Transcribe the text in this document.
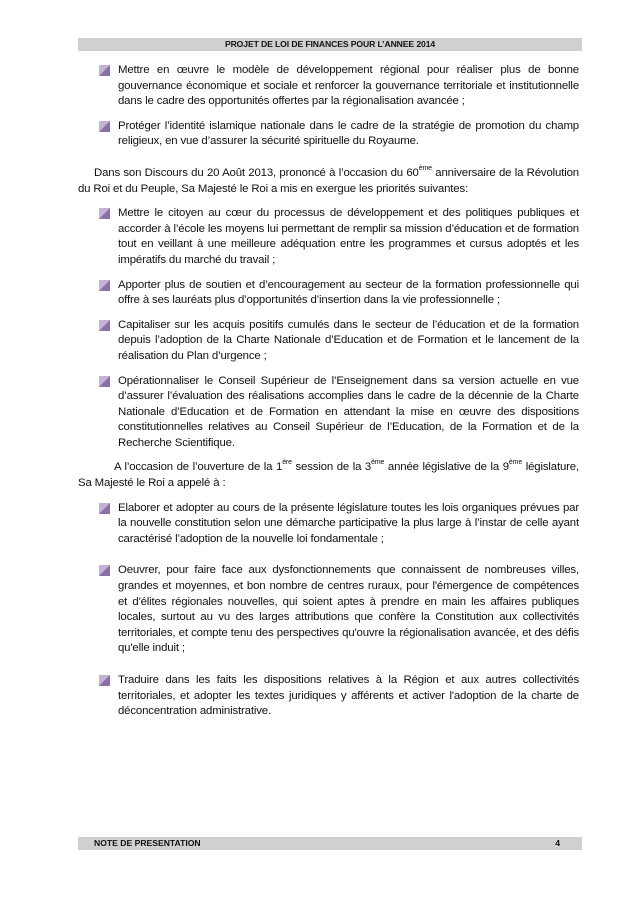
PROJET DE LOI DE FINANCES POUR L’ANNEE 2014
Mettre en œuvre le modèle de développement régional pour réaliser plus de bonne gouvernance économique et sociale et renforcer la gouvernance territoriale et institutionnelle dans le cadre des opportunités offertes par la régionalisation avancée ;
Protéger l’identité islamique nationale dans le cadre de la stratégie de promotion du champ religieux, en vue d’assurer la sécurité spirituelle du Royaume.

Dans son Discours du 20 Août 2013, prononcé à l’occasion du 60ème anniversaire de la Révolution du Roi et du Peuple, Sa Majesté le Roi a mis en exergue les priorités suivantes:

Mettre le citoyen au cœur du processus de développement et des politiques publiques et accorder à l’école les moyens lui permettant de remplir sa mission d’éducation et de formation tout en veillant à une meilleure adéquation entre les programmes et cursus adoptés et les impératifs du marché du travail ;
Apporter plus de soutien et d’encouragement au secteur de la formation professionnelle qui offre à ses lauréats plus d’opportunités d’insertion dans la vie professionnelle ;
Capitaliser sur les acquis positifs cumulés dans le secteur de l’éducation et de la formation depuis l’adoption de la Charte Nationale d’Education et de Formation et le lancement de la réalisation du Plan d’urgence ;
Opérationnaliser le Conseil Supérieur de l’Enseignement dans sa version actuelle en vue d’assurer l’évaluation des réalisations accomplies dans le cadre de la décennie de la Charte Nationale d’Education et de Formation en attendant la mise en œuvre des dispositions constitutionnelles relatives au Conseil Supérieur de l’Education, de la Formation et de la Recherche Scientifique.

A l’occasion de l’ouverture de la 1ère session de la 3ème année législative de la 9ème législature, Sa Majesté le Roi a appelé à :

Elaborer et adopter au cours de la présente législature toutes les lois organiques prévues par la nouvelle constitution selon une démarche participative la plus large à l’instar de celle ayant caractérisé l’adoption de la nouvelle loi fondamentale ;
Oeuvrer, pour faire face aux dysfonctionnements que connaissent de nombreuses villes, grandes et moyennes, et bon nombre de centres ruraux, pour l'émergence de compétences et d'élites régionales nouvelles, qui soient aptes à prendre en main les affaires publiques locales, surtout au vu des larges attributions que confère la Constitution aux collectivités territoriales, et compte tenu des perspectives qu'ouvre la régionalisation avancée, et des défis qu'elle induit ;
Traduire dans les faits les dispositions relatives à la Région et aux autres collectivités territoriales, et adopter les textes juridiques y afférents et activer l'adoption de la charte de déconcentration administrative.
NOTE DE PRESENTATION	4
